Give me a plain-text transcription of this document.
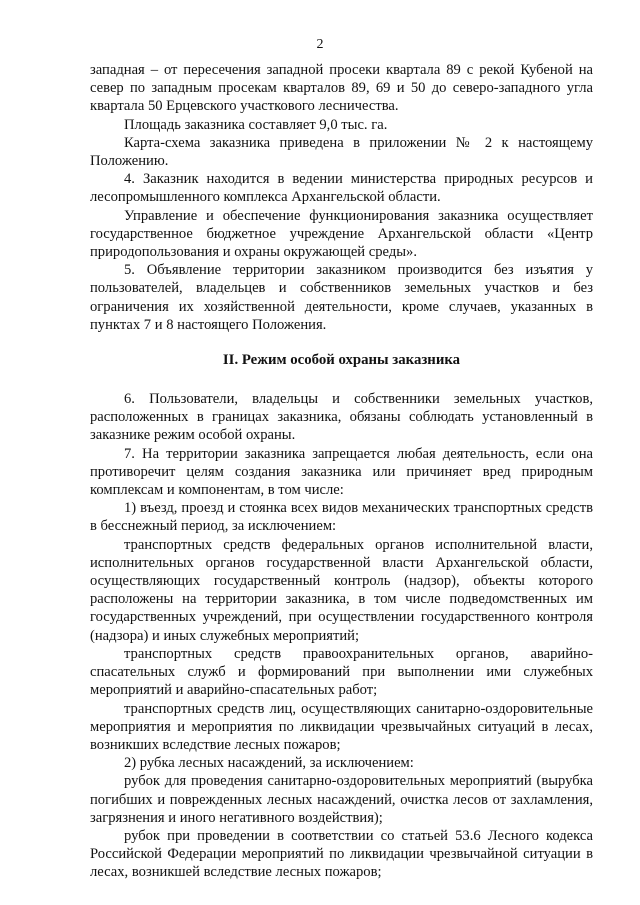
2

западная – от пересечения западной просеки квартала 89 с рекой Кубеной на север по западным просекам кварталов 89, 69 и 50 до северо-западного угла квартала 50 Ерцевского участкового лесничества.

Площадь заказника составляет 9,0 тыс. га.

Карта-схема заказника приведена в приложении № 2 к настоящему Положению.

4. Заказник находится в ведении министерства природных ресурсов и лесопромышленного комплекса Архангельской области.

Управление и обеспечение функционирования заказника осуществляет государственное бюджетное учреждение Архангельской области «Центр природопользования и охраны окружающей среды».

5. Объявление территории заказником производится без изъятия у пользователей, владельцев и собственников земельных участков и без ограничения их хозяйственной деятельности, кроме случаев, указанных в пунктах 7 и 8 настоящего Положения.

II. Режим особой охраны заказника

6. Пользователи, владельцы и собственники земельных участков, расположенных в границах заказника, обязаны соблюдать установленный в заказнике режим особой охраны.

7. На территории заказника запрещается любая деятельность, если она противоречит целям создания заказника или причиняет вред природным комплексам и компонентам, в том числе:

1) въезд, проезд и стоянка всех видов механических транспортных средств в бесснежный период, за исключением:

транспортных средств федеральных органов исполнительной власти, исполнительных органов государственной власти Архангельской области, осуществляющих государственный контроль (надзор), объекты которого расположены на территории заказника, в том числе подведомственных им государственных учреждений, при осуществлении государственного контроля (надзора) и иных служебных мероприятий;

транспортных средств правоохранительных органов, аварийно-спасательных служб и формирований при выполнении ими служебных мероприятий и аварийно-спасательных работ;

транспортных средств лиц, осуществляющих санитарно-оздоровительные мероприятия и мероприятия по ликвидации чрезвычайных ситуаций в лесах, возникших вследствие лесных пожаров;

2) рубка лесных насаждений, за исключением:

рубок для проведения санитарно-оздоровительных мероприятий (вырубка погибших и поврежденных лесных насаждений, очистка лесов от захламления, загрязнения и иного негативного воздействия);

рубок при проведении в соответствии со статьей 53.6 Лесного кодекса Российской Федерации мероприятий по ликвидации чрезвычайной ситуации в лесах, возникшей вследствие лесных пожаров;
